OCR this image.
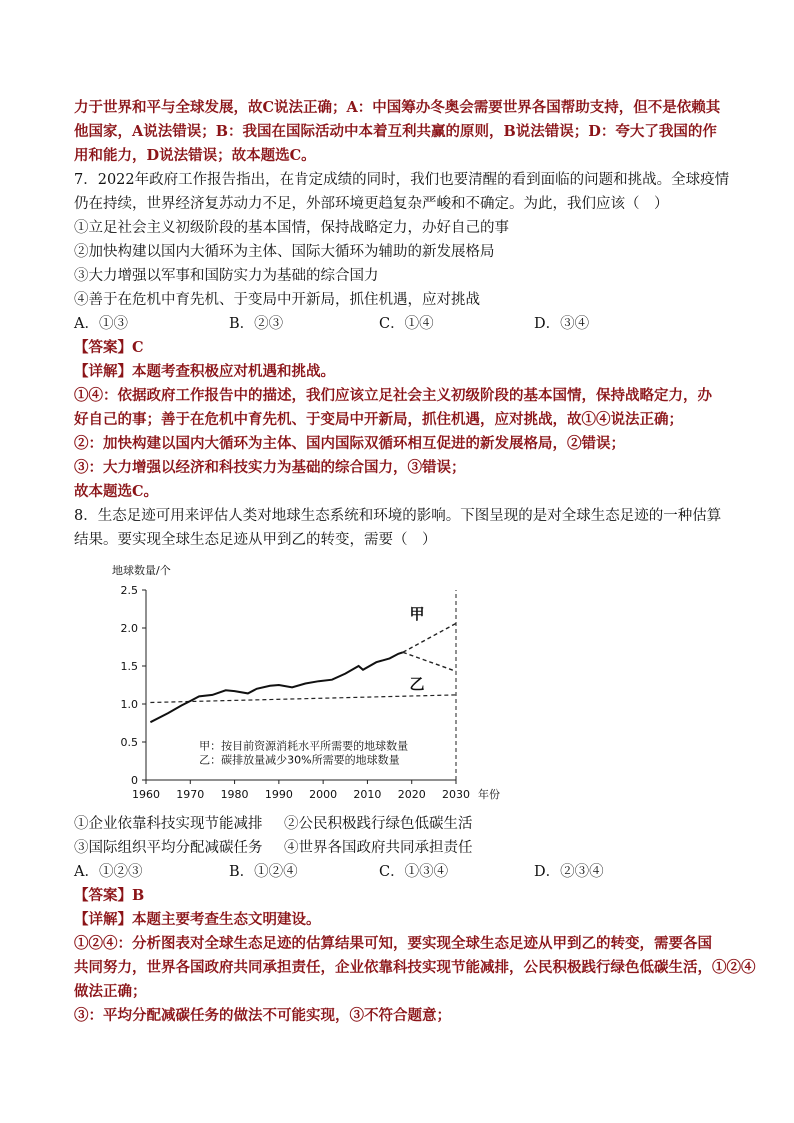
力于世界和平与全球发展，故C说法正确；A：中国筹办冬奥会需要世界各国帮助支持，但不是依赖其
他国家，A说法错误；B：我国在国际活动中本着互利共赢的原则，B说法错误；D：夸大了我国的作
用和能力，D说法错误；故本题选C。
7．2022年政府工作报告指出，在肯定成绩的同时，我们也要清醒的看到面临的问题和挑战。全球疫情
仍在持续，世界经济复苏动力不足，外部环境更趋复杂严峻和不确定。为此，我们应该（　）
①立足社会主义初级阶段的基本国情，保持战略定力，办好自己的事
②加快构建以国内大循环为主体、国际大循环为辅助的新发展格局
③大力增强以军事和国防实力为基础的综合国力
④善于在危机中育先机、于变局中开新局，抓住机遇，应对挑战
A．①③	B．②③	C．①④	D．③④
【答案】C
【详解】本题考查积极应对机遇和挑战。
①④：依据政府工作报告中的描述，我们应该立足社会主义初级阶段的基本国情，保持战略定力，办
好自己的事；善于在危机中育先机、于变局中开新局，抓住机遇，应对挑战，故①④说法正确；
②：加快构建以国内大循环为主体、国内国际双循环相互促进的新发展格局，②错误；
③：大力增强以经济和科技实力为基础的综合国力，③错误；
故本题选C。
8．生态足迹可用来评估人类对地球生态系统和环境的影响。下图呈现的是对全球生态足迹的一种估算
结果。要实现全球生态足迹从甲到乙的转变，需要（　）
地球数量/个
2.5
2.0
1.5
1.0
0.5
0
1960 1970 1980 1990 2000 2010 2020 2030 年份
甲
乙
甲：按目前资源消耗水平所需要的地球数量
乙：碳排放量减少30%所需要的地球数量
①企业依靠科技实现节能减排	②公民积极践行绿色低碳生活
③国际组织平均分配减碳任务	④世界各国政府共同承担责任
A．①②③	B．①②④	C．①③④	D．②③④
【答案】B
【详解】本题主要考查生态文明建设。
①②④：分析图表对全球生态足迹的估算结果可知，要实现全球生态足迹从甲到乙的转变，需要各国
共同努力，世界各国政府共同承担责任，企业依靠科技实现节能减排，公民积极践行绿色低碳生活，①②④
做法正确；
③：平均分配减碳任务的做法不可能实现，③不符合题意；
